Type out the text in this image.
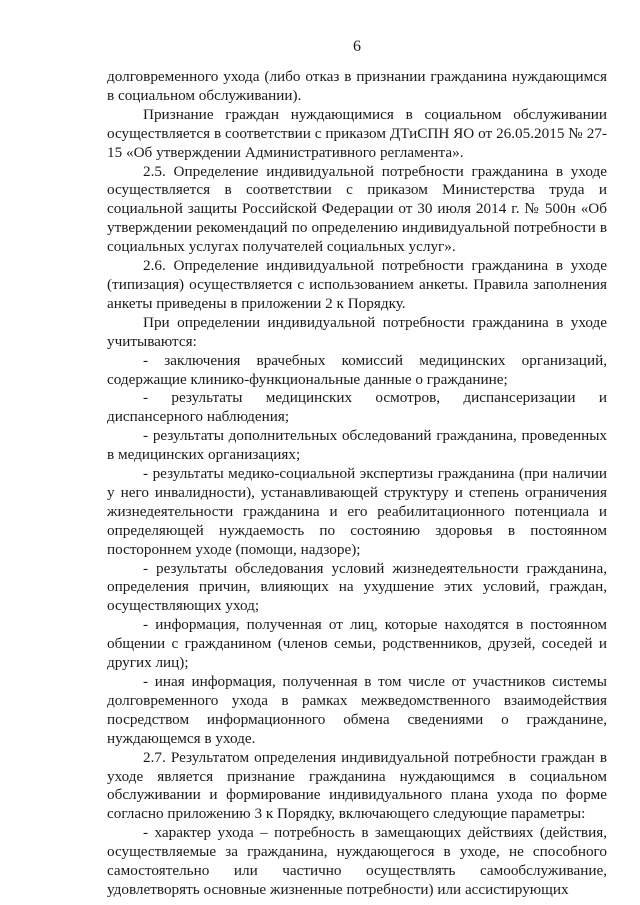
6

долговременного ухода (либо отказ в признании гражданина нуждающимся в социальном обслуживании).

Признание граждан нуждающимися в социальном обслуживании осуществляется в соответствии с приказом ДТиСПН ЯО от 26.05.2015 № 27-15 «Об утверждении Административного регламента».

2.5. Определение индивидуальной потребности гражданина в уходе осуществляется в соответствии с приказом Министерства труда и социальной защиты Российской Федерации от 30 июля 2014 г. № 500н «Об утверждении рекомендаций по определению индивидуальной потребности в социальных услугах получателей социальных услуг».

2.6. Определение индивидуальной потребности гражданина в уходе (типизация) осуществляется с использованием анкеты. Правила заполнения анкеты приведены в приложении 2 к Порядку.

При определении индивидуальной потребности гражданина в уходе учитываются:

- заключения врачебных комиссий медицинских организаций, содержащие клинико-функциональные данные о гражданине;

- результаты медицинских осмотров, диспансеризации и диспансерного наблюдения;

- результаты дополнительных обследований гражданина, проведенных в медицинских организациях;

- результаты медико-социальной экспертизы гражданина (при наличии у него инвалидности), устанавливающей структуру и степень ограничения жизнедеятельности гражданина и его реабилитационного потенциала и определяющей нуждаемость по состоянию здоровья в постоянном постороннем уходе (помощи, надзоре);

- результаты обследования условий жизнедеятельности гражданина, определения причин, влияющих на ухудшение этих условий, граждан, осуществляющих уход;

- информация, полученная от лиц, которые находятся в постоянном общении с гражданином (членов семьи, родственников, друзей, соседей и других лиц);

- иная информация, полученная в том числе от участников системы долговременного ухода в рамках межведомственного взаимодействия посредством информационного обмена сведениями о гражданине, нуждающемся в уходе.

2.7. Результатом определения индивидуальной потребности граждан в уходе является признание гражданина нуждающимся в социальном обслуживании и формирование индивидуального плана ухода по форме согласно приложению 3 к Порядку, включающего следующие параметры:

- характер ухода – потребность в замещающих действиях (действия, осуществляемые за гражданина, нуждающегося в уходе, не способного самостоятельно или частично осуществлять самообслуживание, удовлетворять основные жизненные потребности) или ассистирующих
